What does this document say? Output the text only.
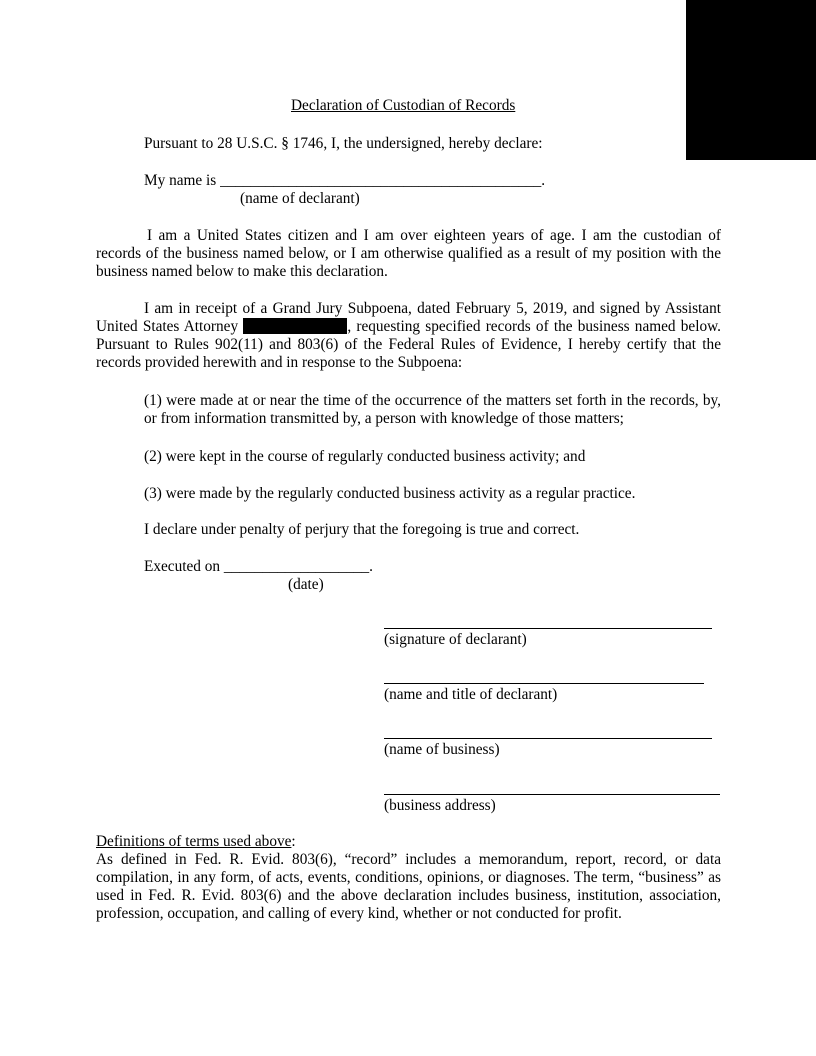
Declaration of Custodian of Records
Pursuant to 28 U.S.C. § 1746, I, the undersigned, hereby declare:
My name is __________________________________________.
(name of declarant)
I am a United States citizen and I am over eighteen years of age. I am the custodian of records of the business named below, or I am otherwise qualified as a result of my position with the business named below to make this declaration.
I am in receipt of a Grand Jury Subpoena, dated February 5, 2019, and signed by Assistant United States Attorney	, requesting specified records of the business named below. Pursuant to Rules 902(11) and 803(6) of the Federal Rules of Evidence, I hereby certify that the records provided herewith and in response to the Subpoena:
(1) were made at or near the time of the occurrence of the matters set forth in the records, by, or from information transmitted by, a person with knowledge of those matters;
(2) were kept in the course of regularly conducted business activity; and
(3) were made by the regularly conducted business activity as a regular practice.
I declare under penalty of perjury that the foregoing is true and correct.
Executed on ___________________.
(date)
(signature of declarant)
(name and title of declarant)
(name of business)
(business address)
Definitions of terms used above:
As defined in Fed. R. Evid. 803(6), “record” includes a memorandum, report, record, or data compilation, in any form, of acts, events, conditions, opinions, or diagnoses. The term, “business” as used in Fed. R. Evid. 803(6) and the above declaration includes business, institution, association, profession, occupation, and calling of every kind, whether or not conducted for profit.
